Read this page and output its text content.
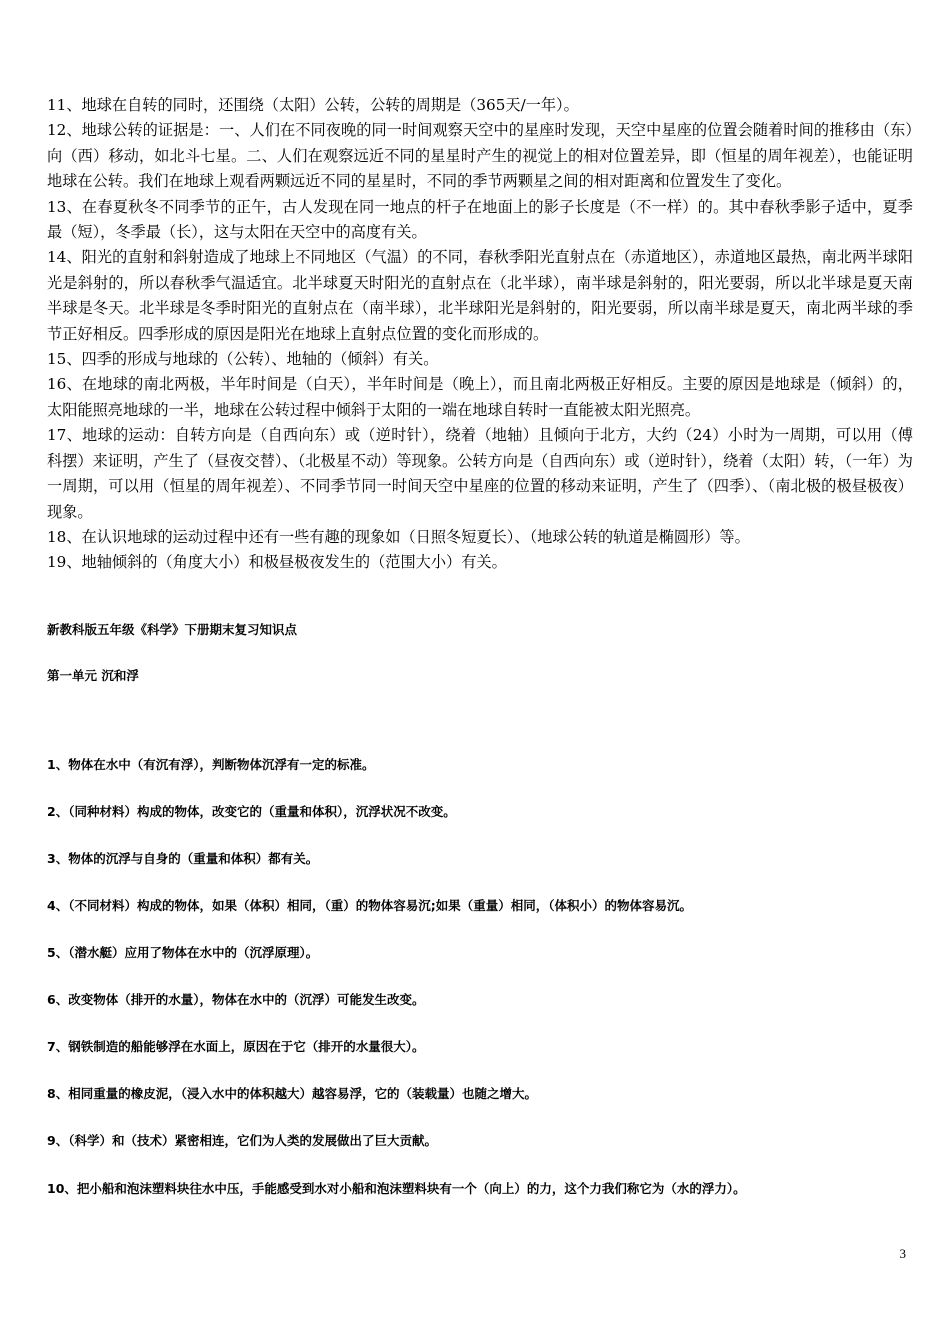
11、地球在自转的同时，还围绕（太阳）公转，公转的周期是（365天/一年）。

12、地球公转的证据是：一、人们在不同夜晚的同一时间观察天空中的星座时发现，天空中星座的位置会随着时间的推移由（东）向（西）移动，如北斗七星。二、人们在观察远近不同的星星时产生的视觉上的相对位置差异，即（恒星的周年视差），也能证明地球在公转。我们在地球上观看两颗远近不同的星星时，不同的季节两颗星之间的相对距离和位置发生了变化。

13、在春夏秋冬不同季节的正午，古人发现在同一地点的杆子在地面上的影子长度是（不一样）的。其中春秋季影子适中，夏季最（短），冬季最（长），这与太阳在天空中的高度有关。

14、阳光的直射和斜射造成了地球上不同地区（气温）的不同，春秋季阳光直射点在（赤道地区），赤道地区最热，南北两半球阳光是斜射的，所以春秋季气温适宜。北半球夏天时阳光的直射点在（北半球），南半球是斜射的，阳光要弱，所以北半球是夏天南半球是冬天。北半球是冬季时阳光的直射点在（南半球），北半球阳光是斜射的，阳光要弱，所以南半球是夏天，南北两半球的季节正好相反。四季形成的原因是阳光在地球上直射点位置的变化而形成的。

15、四季的形成与地球的（公转）、地轴的（倾斜）有关。

16、在地球的南北两极，半年时间是（白天），半年时间是（晚上），而且南北两极正好相反。主要的原因是地球是（倾斜）的，太阳能照亮地球的一半，地球在公转过程中倾斜于太阳的一端在地球自转时一直能被太阳光照亮。

17、地球的运动：自转方向是（自西向东）或（逆时针），绕着（地轴）且倾向于北方，大约（24）小时为一周期，可以用（傅科摆）来证明，产生了（昼夜交替）、（北极星不动）等现象。公转方向是（自西向东）或（逆时针），绕着（太阳）转，（一年）为一周期，可以用（恒星的周年视差）、不同季节同一时间天空中星座的位置的移动来证明，产生了（四季）、（南北极的极昼极夜）现象。

18、在认识地球的运动过程中还有一些有趣的现象如（日照冬短夏长）、（地球公转的轨道是椭圆形）等。

19、地轴倾斜的（角度大小）和极昼极夜发生的（范围大小）有关。

新教科版五年级《科学》下册期末复习知识点
第一单元 沉和浮

1、物体在水中（有沉有浮），判断物体沉浮有一定的标准。

2、（同种材料）构成的物体，改变它的（重量和体积），沉浮状况不改变。

3、物体的沉浮与自身的（重量和体积）都有关。

4、（不同材料）构成的物体，如果（体积）相同，（重）的物体容易沉;如果（重量）相同，（体积小）的物体容易沉。

5、（潜水艇）应用了物体在水中的（沉浮原理）。

6、改变物体（排开的水量），物体在水中的（沉浮）可能发生改变。

7、钢铁制造的船能够浮在水面上，原因在于它（排开的水量很大）。

8、相同重量的橡皮泥，（浸入水中的体积越大）越容易浮，它的（装载量）也随之增大。

9、（科学）和（技术）紧密相连，它们为人类的发展做出了巨大贡献。

10、把小船和泡沫塑料块往水中压，手能感受到水对小船和泡沫塑料块有一个（向上）的力，这个力我们称它为（水的浮力）。

3
